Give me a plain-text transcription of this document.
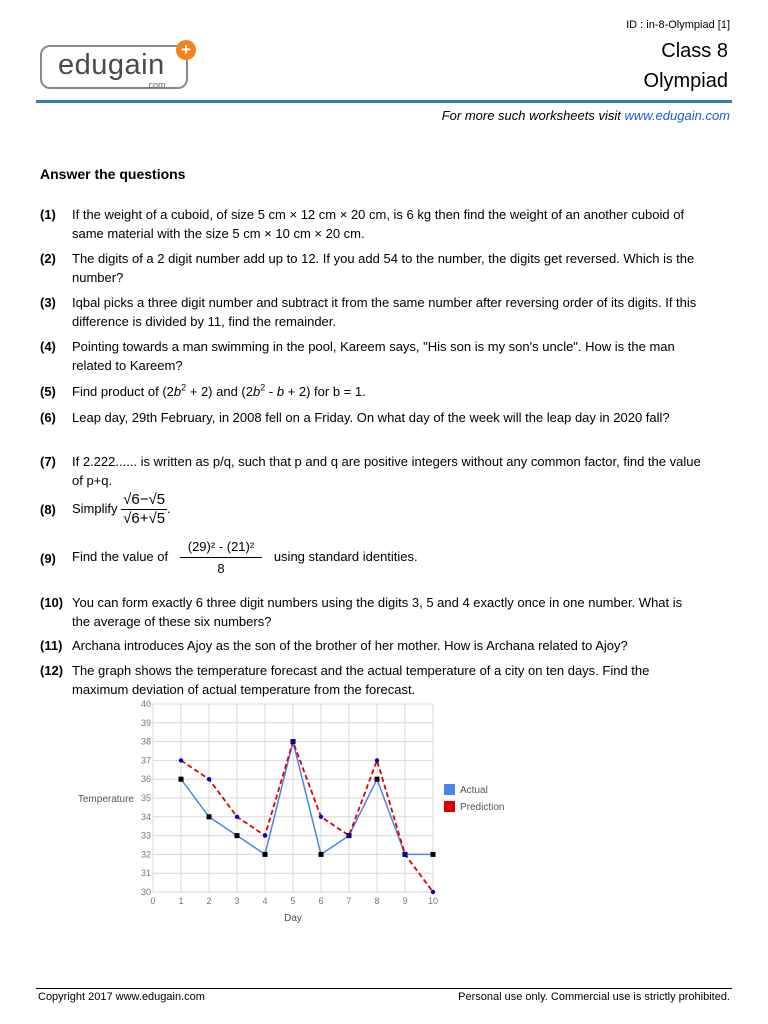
edugain
.com
+
ID : in-8-Olympiad [1]
Class 8
Olympiad
For more such worksheets visit www.edugain.com
Answer the questions
(1) If the weight of a cuboid, of size 5 cm × 12 cm × 20 cm, is 6 kg then find the weight of an another cuboid of same material with the size 5 cm × 10 cm × 20 cm.
(2) The digits of a 2 digit number add up to 12. If you add 54 to the number, the digits get reversed. Which is the number?
(3) Iqbal picks a three digit number and subtract it from the same number after reversing order of its digits. If this difference is divided by 11, find the remainder.
(4) Pointing towards a man swimming in the pool, Kareem says, "His son is my son's uncle". How is the man related to Kareem?
(5) Find product of $(2b^2 + 2)$ and $(2b^2 - b + 2)$ for b = 1.
(6) Leap day, 29th February, in 2008 fell on a Friday. On what day of the week will the leap day in 2020 fall?
(7) If 2.222...... is written as p/q, such that p and q are positive integers without any common factor, find the value of p+q.
(8) Simplify $\frac{√6-√5}{√6+√5}$ .
(9) Find the value of $\frac{\text{(29)² - (21)²}}{8}$ using standard identities.
(10) You can form exactly 6 three digit numbers using the digits 3, 5 and 4 exactly once in one number. What is the average of these six numbers?
(11) Archana introduces Ajoy as the son of the brother of her mother. How is Archana related to Ajoy?
(12) The graph shows the temperature forecast and the actual temperature of a city on ten days. Find the maximum deviation of actual temperature from the forecast.
30
31
32
33
34
35
36
37
38
39
40
0	1	2	3	4	5	6	7	8	9 10
Temperature
Day
Actual
Prediction
Copyright 2017 www.edugain.com	Personal use only. Commercial use is strictly prohibited.
